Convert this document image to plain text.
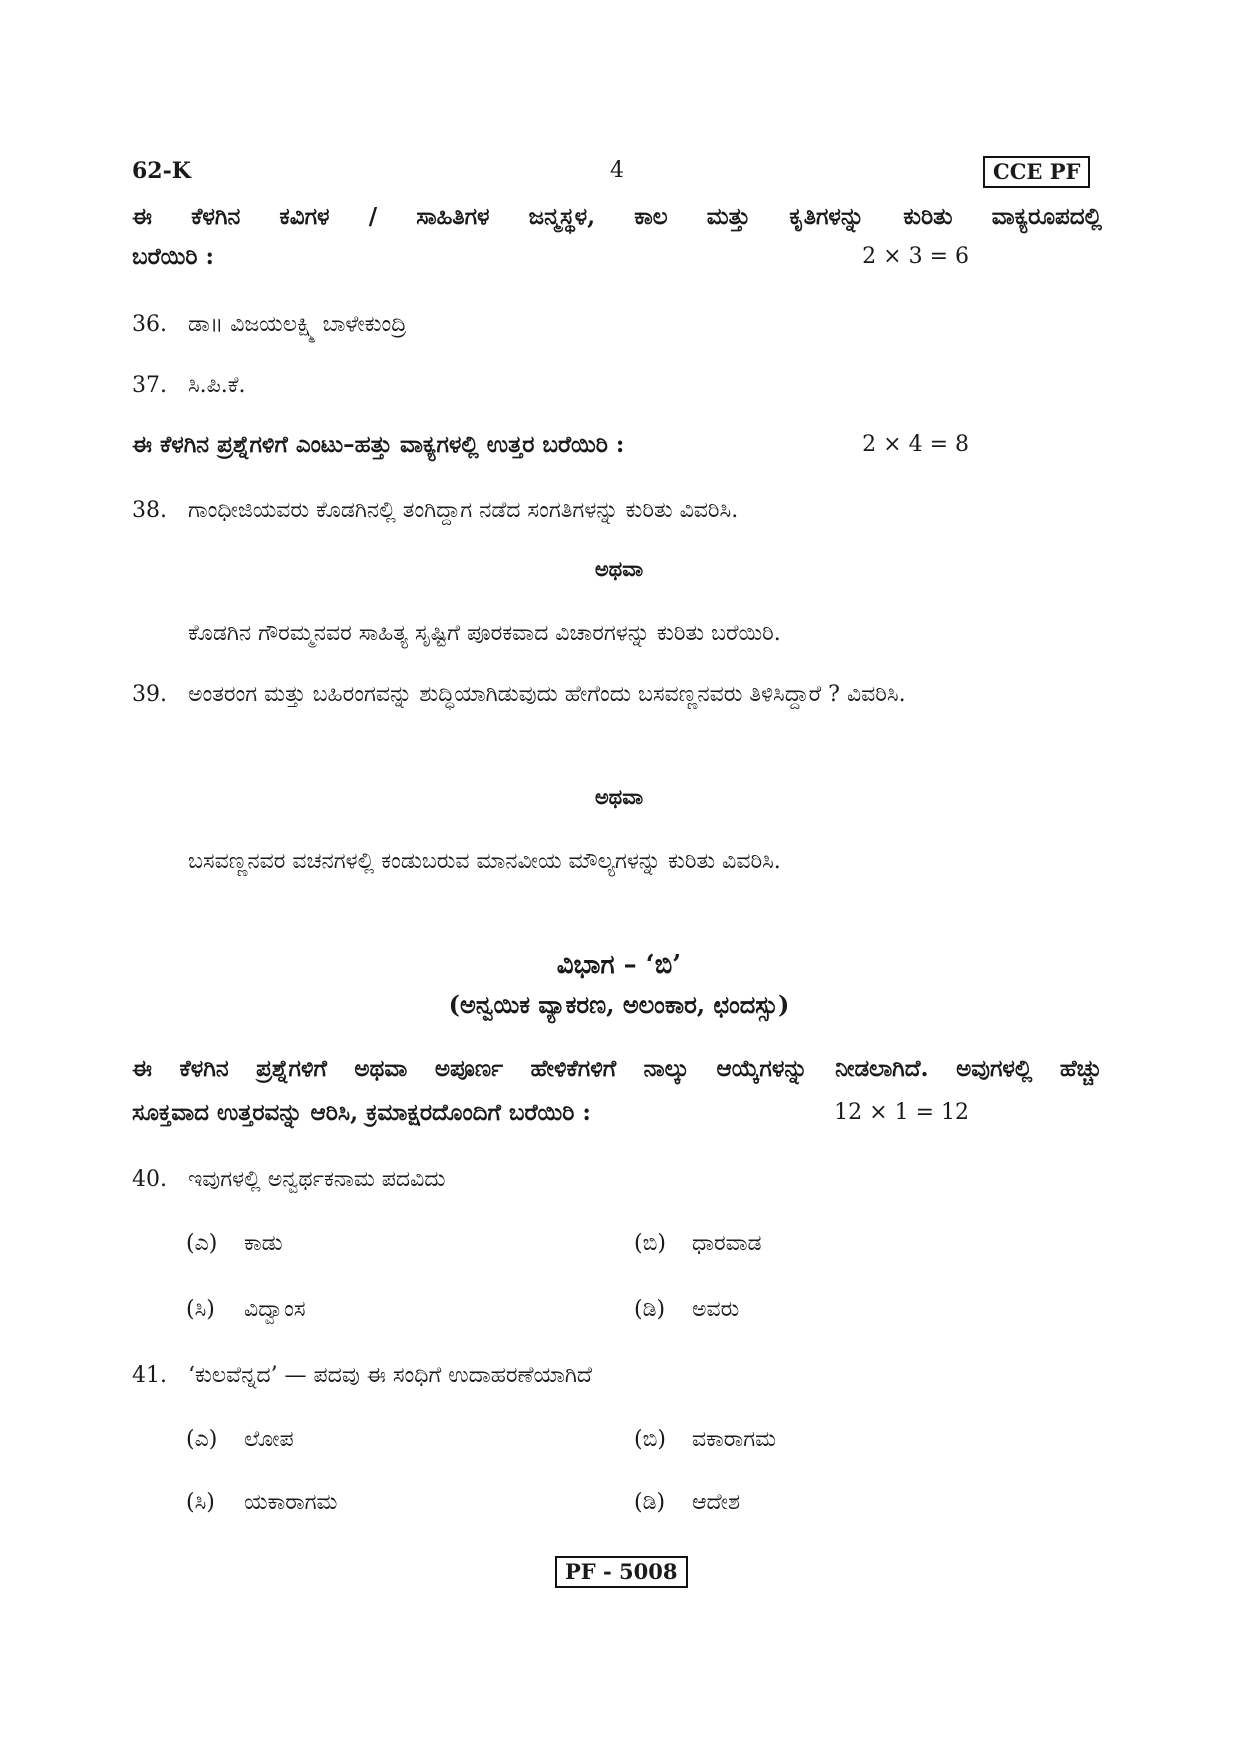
62-K	4	CCE PF
ಈ ಕೆಳಗಿನ ಕವಿಗಳ / ಸಾಹಿತಿಗಳ ಜನ್ಮಸ್ಥಳ, ಕಾಲ ಮತ್ತು ಕೃತಿಗಳನ್ನು ಕುರಿತು ವಾಕ್ಯರೂಪದಲ್ಲಿ
ಬರೆಯಿರಿ :	2 × 3 = 6
36. ಡಾ॥ ವಿಜಯಲಕ್ಷ್ಮಿ ಬಾಳೇಕುಂದ್ರಿ
37. ಸಿ.ಪಿ.ಕೆ.
ಈ ಕೆಳಗಿನ ಪ್ರಶ್ನೆಗಳಿಗೆ ಎಂಟು–ಹತ್ತು ವಾಕ್ಯಗಳಲ್ಲಿ ಉತ್ತರ ಬರೆಯಿರಿ :	2 × 4 = 8
38. ಗಾಂಧೀಜಿಯವರು ಕೊಡಗಿನಲ್ಲಿ ತಂಗಿದ್ದಾಗ ನಡೆದ ಸಂಗತಿಗಳನ್ನು ಕುರಿತು ವಿವರಿಸಿ.
ಅಥವಾ
ಕೊಡಗಿನ ಗೌರಮ್ಮನವರ ಸಾಹಿತ್ಯ ಸೃಷ್ಟಿಗೆ ಪೂರಕವಾದ ವಿಚಾರಗಳನ್ನು ಕುರಿತು ಬರೆಯಿರಿ.
39. ಅಂತರಂಗ ಮತ್ತು ಬಹಿರಂಗವನ್ನು ಶುದ್ಧಿಯಾಗಿಡುವುದು ಹೇಗೆಂದು ಬಸವಣ್ಣನವರು ತಿಳಿಸಿದ್ದಾರೆ ? ವಿವರಿಸಿ.
ಅಥವಾ
ಬಸವಣ್ಣನವರ ವಚನಗಳಲ್ಲಿ ಕಂಡುಬರುವ ಮಾನವೀಯ ಮೌಲ್ಯಗಳನ್ನು ಕುರಿತು ವಿವರಿಸಿ.
ವಿಭಾಗ – ‘ಬಿ’
(ಅನ್ವಯಿಕ ವ್ಯಾಕರಣ, ಅಲಂಕಾರ, ಛಂದಸ್ಸು)
ಈ ಕೆಳಗಿನ ಪ್ರಶ್ನೆಗಳಿಗೆ ಅಥವಾ ಅಪೂರ್ಣ ಹೇಳಿಕೆಗಳಿಗೆ ನಾಲ್ಕು ಆಯ್ಕೆಗಳನ್ನು ನೀಡಲಾಗಿದೆ. ಅವುಗಳಲ್ಲಿ ಹೆಚ್ಚು
ಸೂಕ್ತವಾದ ಉತ್ತರವನ್ನು ಆರಿಸಿ, ಕ್ರಮಾಕ್ಷರದೊಂದಿಗೆ ಬರೆಯಿರಿ :	12 × 1 = 12
40. ಇವುಗಳಲ್ಲಿ ಅನ್ವರ್ಥಕನಾಮ ಪದವಿದು
(ಎ) ಕಾಡು	(ಬಿ) ಧಾರವಾಡ
(ಸಿ) ವಿದ್ವಾಂಸ	(ಡಿ) ಅವರು
41. ‘ಕುಲವೆನ್ನದ’ — ಪದವು ಈ ಸಂಧಿಗೆ ಉದಾಹರಣೆಯಾಗಿದೆ
(ಎ) ಲೋಪ	(ಬಿ) ವಕಾರಾಗಮ
(ಸಿ) ಯಕಾರಾಗಮ	(ಡಿ) ಆದೇಶ
PF - 5008
